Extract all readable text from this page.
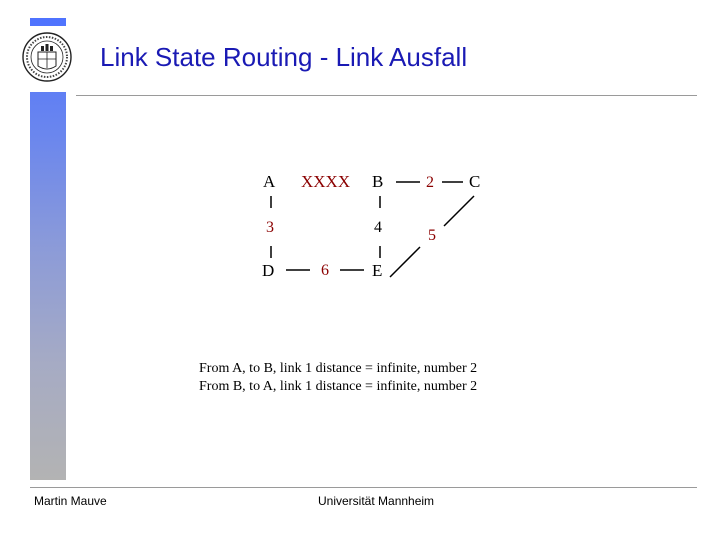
Link State Routing - Link Ausfall
A	B	C
D	E
XXXX	2
3	4	5
6
From A, to B, link 1 distance = infinite, number 2
From B, to A, link 1 distance = infinite, number 2
Martin Mauve	Universität Mannheim
